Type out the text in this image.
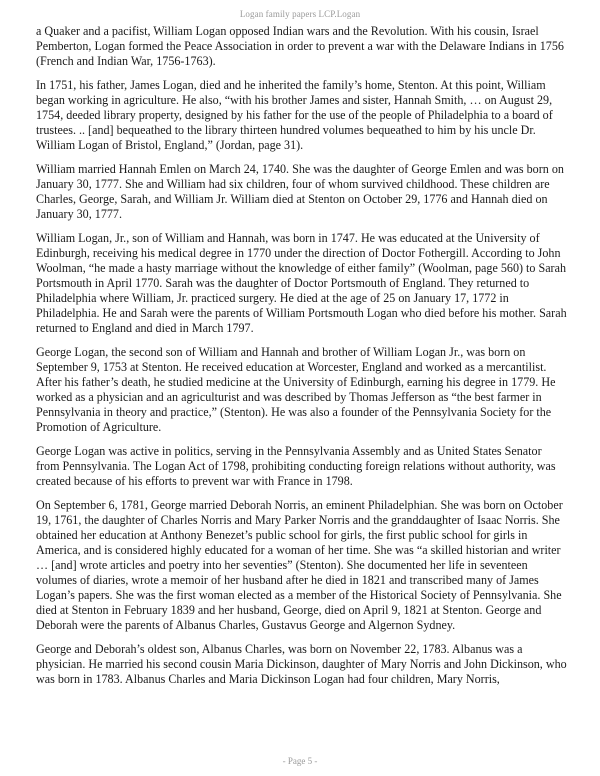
Logan family papers LCP.Logan

a Quaker and a pacifist, William Logan opposed Indian wars and the Revolution. With his cousin, Israel Pemberton, Logan formed the Peace Association in order to prevent a war with the Delaware Indians in 1756 (French and Indian War, 1756-1763).

In 1751, his father, James Logan, died and he inherited the family’s home, Stenton. At this point, William began working in agriculture. He also, “with his brother James and sister, Hannah Smith, … on August 29, 1754, deeded library property, designed by his father for the use of the people of Philadelphia to a board of trustees. .. [and] bequeathed to the library thirteen hundred volumes bequeathed to him by his uncle Dr. William Logan of Bristol, England,” (Jordan, page 31).

William married Hannah Emlen on March 24, 1740. She was the daughter of George Emlen and was born on January 30, 1777. She and William had six children, four of whom survived childhood. These children are Charles, George, Sarah, and William Jr. William died at Stenton on October 29, 1776 and Hannah died on January 30, 1777.

William Logan, Jr., son of William and Hannah, was born in 1747. He was educated at the University of Edinburgh, receiving his medical degree in 1770 under the direction of Doctor Fothergill. According to John Woolman, “he made a hasty marriage without the knowledge of either family” (Woolman, page 560) to Sarah Portsmouth in April 1770. Sarah was the daughter of Doctor Portsmouth of England. They returned to Philadelphia where William, Jr. practiced surgery. He died at the age of 25 on January 17, 1772 in Philadelphia. He and Sarah were the parents of William Portsmouth Logan who died before his mother. Sarah returned to England and died in March 1797.

George Logan, the second son of William and Hannah and brother of William Logan Jr., was born on September 9, 1753 at Stenton. He received education at Worcester, England and worked as a mercantilist. After his father’s death, he studied medicine at the University of Edinburgh, earning his degree in 1779. He worked as a physician and an agriculturist and was described by Thomas Jefferson as “the best farmer in Pennsylvania in theory and practice,” (Stenton). He was also a founder of the Pennsylvania Society for the Promotion of Agriculture.

George Logan was active in politics, serving in the Pennsylvania Assembly and as United States Senator from Pennsylvania. The Logan Act of 1798, prohibiting conducting foreign relations without authority, was created because of his efforts to prevent war with France in 1798.

On September 6, 1781, George married Deborah Norris, an eminent Philadelphian. She was born on October 19, 1761, the daughter of Charles Norris and Mary Parker Norris and the granddaughter of Isaac Norris. She obtained her education at Anthony Benezet’s public school for girls, the first public school for girls in America, and is considered highly educated for a woman of her time. She was “a skilled historian and writer … [and] wrote articles and poetry into her seventies” (Stenton). She documented her life in seventeen volumes of diaries, wrote a memoir of her husband after he died in 1821 and transcribed many of James Logan’s papers. She was the first woman elected as a member of the Historical Society of Pennsylvania. She died at Stenton in February 1839 and her husband, George, died on April 9, 1821 at Stenton. George and Deborah were the parents of Albanus Charles, Gustavus George and Algernon Sydney.

George and Deborah’s oldest son, Albanus Charles, was born on November 22, 1783. Albanus was a physician. He married his second cousin Maria Dickinson, daughter of Mary Norris and John Dickinson, who was born in 1783. Albanus Charles and Maria Dickinson Logan had four children, Mary Norris,

- Page 5 -
